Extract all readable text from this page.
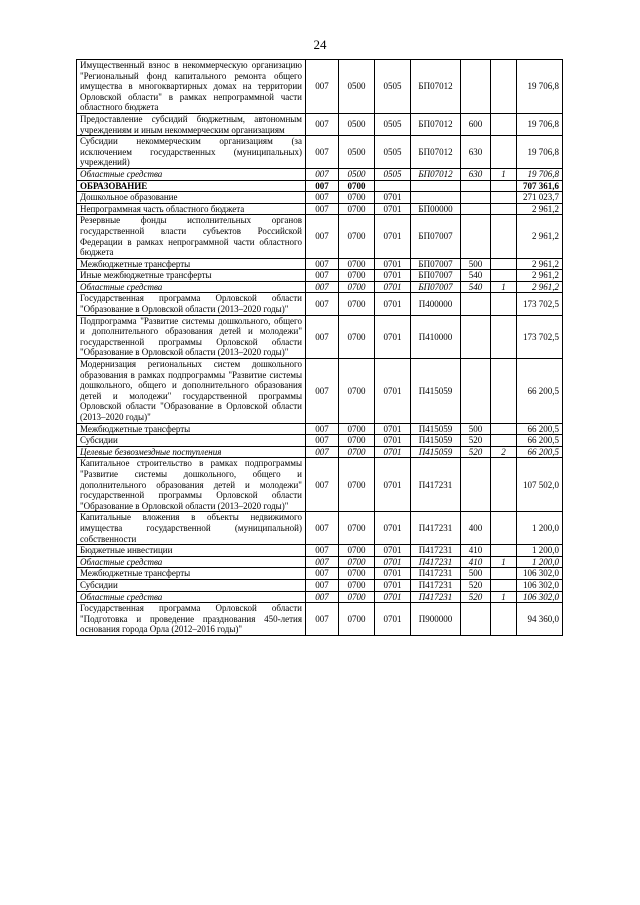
24
Имущественный взнос в некоммерческую организацию "Региональный фонд капитального ремонта общего имущества в многоквартирных домах на территории Орловской области" в рамках непрограммной части областного бюджета	007	0500	0505	БП07012			19 706,8
Предоставление субсидий бюджетным, автономным учреждениям и иным некоммерческим организациям	007	0500	0505	БП07012	600		19 706,8
Субсидии некоммерческим организациям (за исключением государственных (муниципальных) учреждений)	007	0500	0505	БП07012	630		19 706,8
Областные средства	007	0500	0505	БП07012	630	1	19 706,8
ОБРАЗОВАНИЕ	007	0700					707 361,6
Дошкольное образование	007	0700	0701				271 023,7
Непрограммная часть областного бюджета	007	0700	0701	БП00000			2 961,2
Резервные фонды исполнительных органов государственной власти субъектов Российской Федерации в рамках непрограммной части областного бюджета	007	0700	0701	БП07007			2 961,2
Межбюджетные трансферты	007	0700	0701	БП07007	500		2 961,2
Иные межбюджетные трансферты	007	0700	0701	БП07007	540		2 961,2
Областные средства	007	0700	0701	БП07007	540	1	2 961,2
Государственная программа Орловской области "Образование в Орловской области (2013–2020 годы)"	007	0700	0701	П400000			173 702,5
Подпрограмма "Развитие системы дошкольного, общего и дополнительного образования детей и молодежи" государственной программы Орловской области "Образование в Орловской области (2013–2020 годы)"	007	0700	0701	П410000			173 702,5
Модернизация региональных систем дошкольного образования в рамках подпрограммы "Развитие системы дошкольного, общего и дополнительного образования детей и молодежи" государственной программы Орловской области "Образование в Орловской области (2013–2020 годы)"	007	0700	0701	П415059			66 200,5
Межбюджетные трансферты	007	0700	0701	П415059	500		66 200,5
Субсидии	007	0700	0701	П415059	520		66 200,5
Целевые безвозмездные поступления	007	0700	0701	П415059	520	2	66 200,5
Капитальное строительство в рамках подпрограммы "Развитие системы дошкольного, общего и дополнительного образования детей и молодежи" государственной программы Орловской области "Образование в Орловской области (2013–2020 годы)"	007	0700	0701	П417231			107 502,0
Капитальные вложения в объекты недвижимого имущества государственной (муниципальной) собственности	007	0700	0701	П417231	400		1 200,0
Бюджетные инвестиции	007	0700	0701	П417231	410		1 200,0
Областные средства	007	0700	0701	П417231	410	1	1 200,0
Межбюджетные трансферты	007	0700	0701	П417231	500		106 302,0
Субсидии	007	0700	0701	П417231	520		106 302,0
Областные средства	007	0700	0701	П417231	520	1	106 302,0
Государственная программа Орловской области "Подготовка и проведение празднования 450-летия основания города Орла (2012–2016 годы)"	007	0700	0701	П900000			94 360,0
